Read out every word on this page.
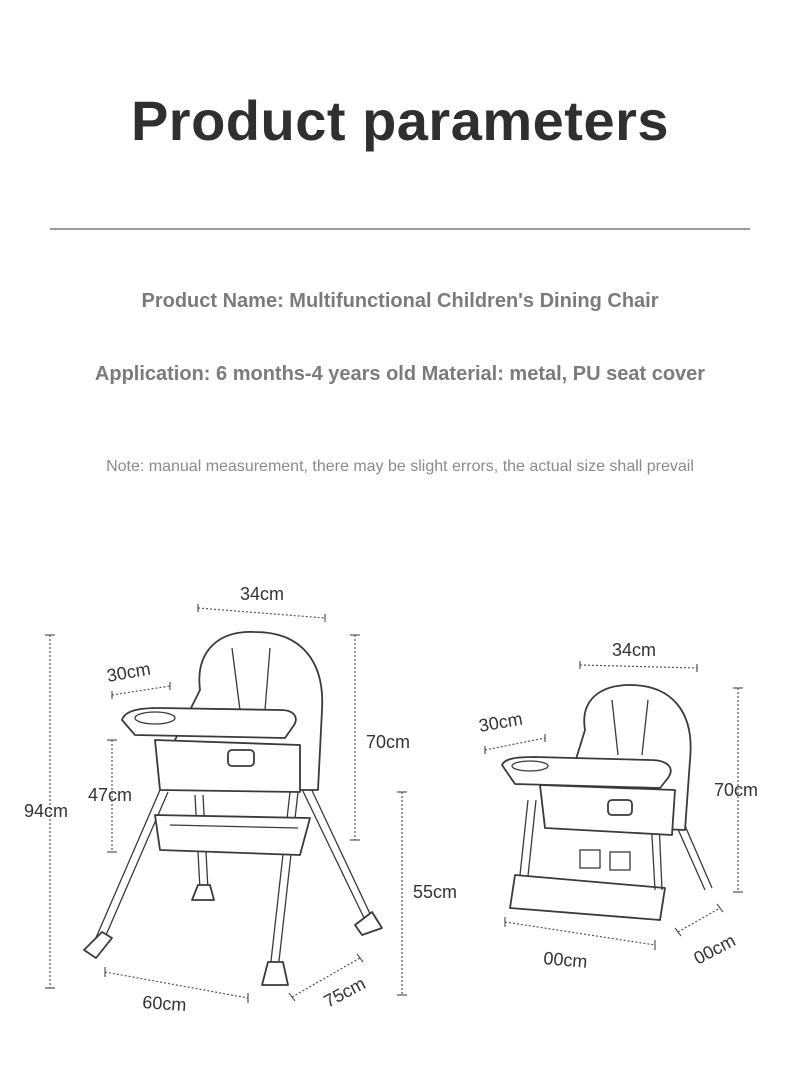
Product parameters
Product Name: Multifunctional Children's Dining Chair
Application: 6 months-4 years old Material: metal, PU seat cover
Note: manual measurement, there may be slight errors, the actual size shall prevail
34cm
30cm
94cm
70cm
47cm
55cm
60cm	75cm
34cm
30cm
70cm
00cm	00cm
